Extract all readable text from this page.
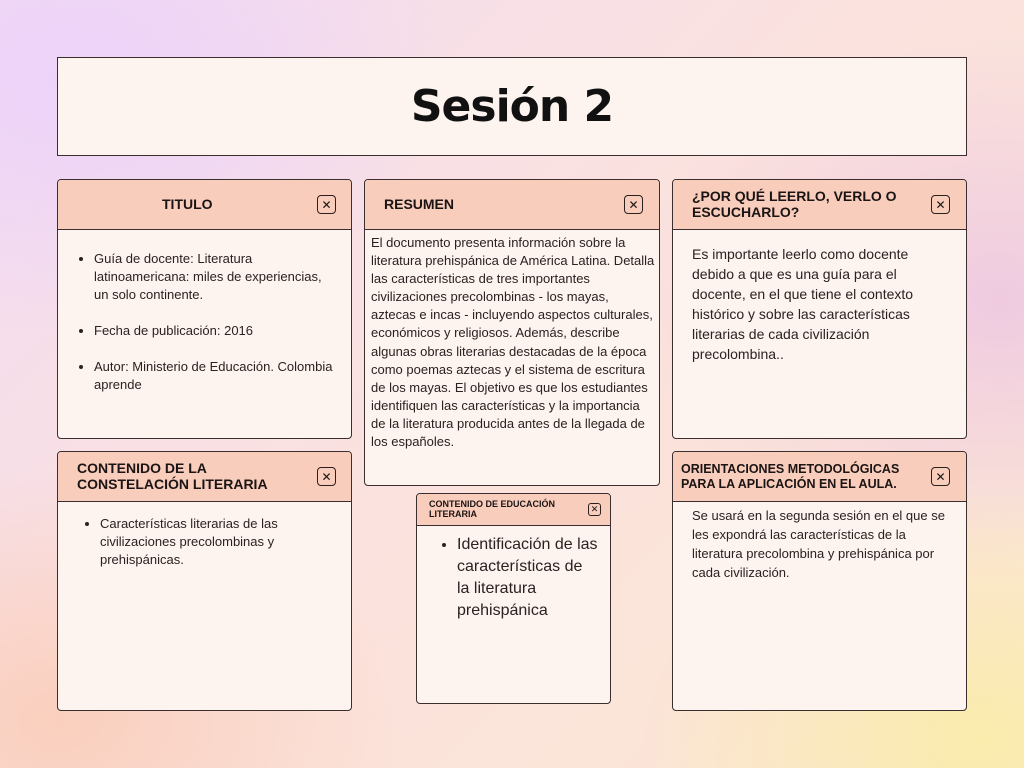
Sesión 2
TITULO	✕
• Guía de docente: Literatura latinoamericana: miles de experiencias, un solo continente.
• Fecha de publicación: 2016
• Autor: Ministerio de Educación. Colombia aprende
RESUMEN	✕
El documento presenta información sobre la literatura prehispánica de América Latina. Detalla las características de tres importantes civilizaciones precolombinas - los mayas, aztecas e incas - incluyendo aspectos culturales, económicos y religiosos. Además, describe algunas obras literarias destacadas de la época como poemas aztecas y el sistema de escritura de los mayas. El objetivo es que los estudiantes identifiquen las características y la importancia de la literatura producida antes de la llegada de los españoles.
¿POR QUÉ LEERLO, VERLO O ESCUCHARLO?	✕
Es importante leerlo como docente debido a que es una guía para el docente, en el que tiene el contexto histórico y sobre las características literarias de cada civilización precolombina..
CONTENIDO DE LA CONSTELACIÓN LITERARIA	✕
• Características literarias de las civilizaciones precolombinas y prehispánicas.
CONTENIDO DE EDUCACIÓN LITERARIA	✕
• Identificación de las características de la literatura prehispánica
ORIENTACIONES METODOLÓGICAS PARA LA APLICACIÓN EN EL AULA.
✕
Se usará en la segunda sesión en el que se les expondrá las características de la literatura precolombina y prehispánica por cada civilización.
